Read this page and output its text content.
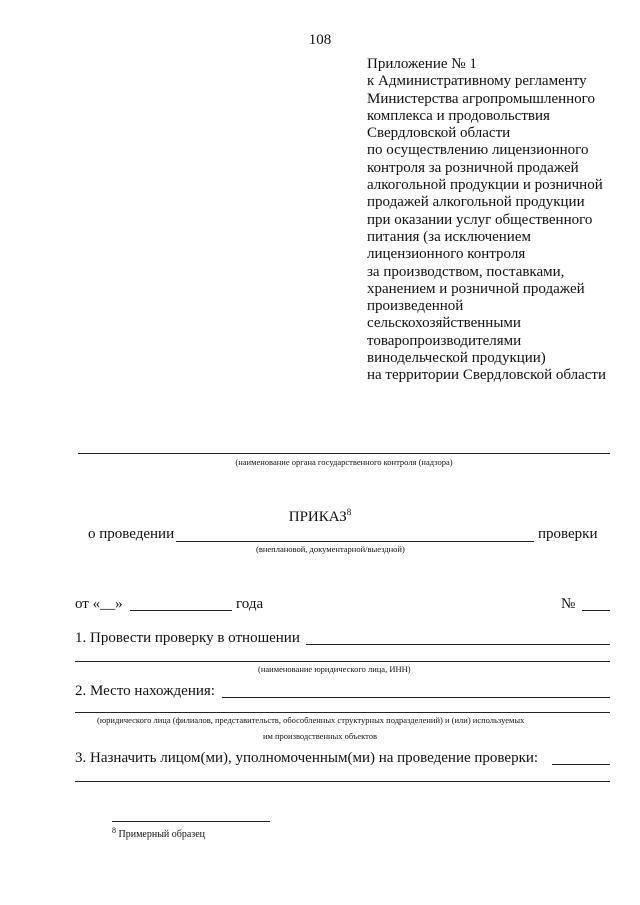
108
Приложение № 1
к Административному регламенту
Министерства агропромышленного
комплекса и продовольствия
Свердловской области
по осуществлению лицензионного
контроля за розничной продажей
алкогольной продукции и розничной
продажей алкогольной продукции
при оказании услуг общественного
питания (за исключением
лицензионного контроля
за производством, поставками,
хранением и розничной продажей
произведенной
сельскохозяйственными
товаропроизводителями
винодельческой продукции)
на территории Свердловской области
(наименование органа государственного контроля (надзора)
ПРИКАЗ$^8$
о проведении	проверки
(внеплановой, документарной/выездной)
от «__»	года	№
1. Провести проверку в отношении
(наименование юридического лица, ИНН)
2. Место нахождения:
(юридического лица (филиалов, представительств, обособленных структурных подразделений) и (или) используемых
им производственных объектов
3. Назначить лицом(ми), уполномоченным(ми) на проведение проверки:
$^8$ Примерный образец
